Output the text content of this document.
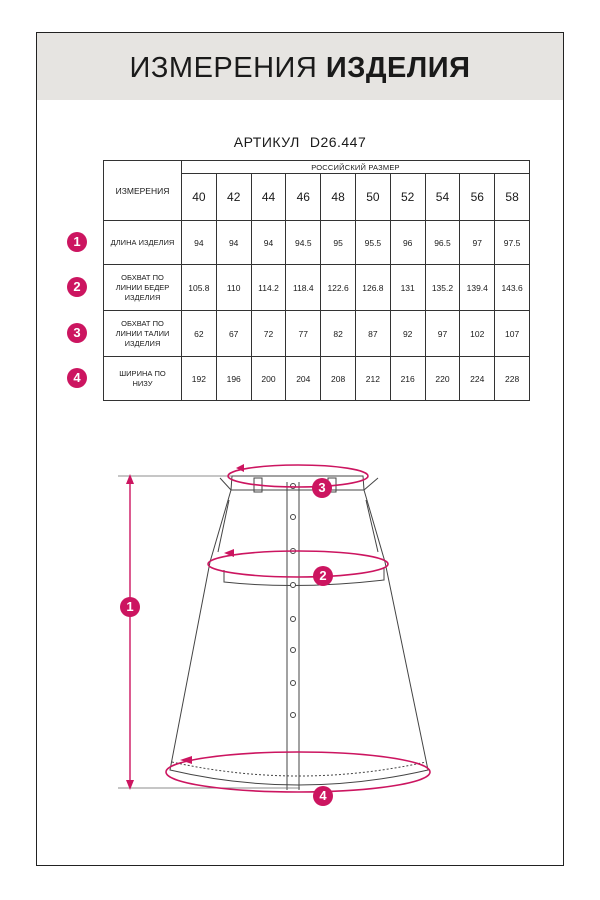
ИЗМЕРЕНИЯ ИЗДЕЛИЯ
АРТИКУЛ D26.447
ИЗМЕРЕНИЯ	РОССИЙСКИЙ РАЗМЕР									
	40	42	44	46	48	50	52	54	56	58

ДЛИНА ИЗДЕЛИЯ	94	94	94	94.5	95	95.5	96	96.5	97	97.5

ОБХВАТ ПО
ЛИНИИ БЕДЕР
ИЗДЕЛИЯ	105.8	110	114.2	118.4	122.6	126.8	131	135.2	139.4	143.6

ОБХВАТ ПО
ЛИНИИ ТАЛИИ
ИЗДЕЛИЯ	62	67	72	77	82	87	92	97	102	107

ШИРИНА ПО
НИЗУ	192	196	200	204	208	212	216	220	224	228
1
2
3
4
1
2
3
4
